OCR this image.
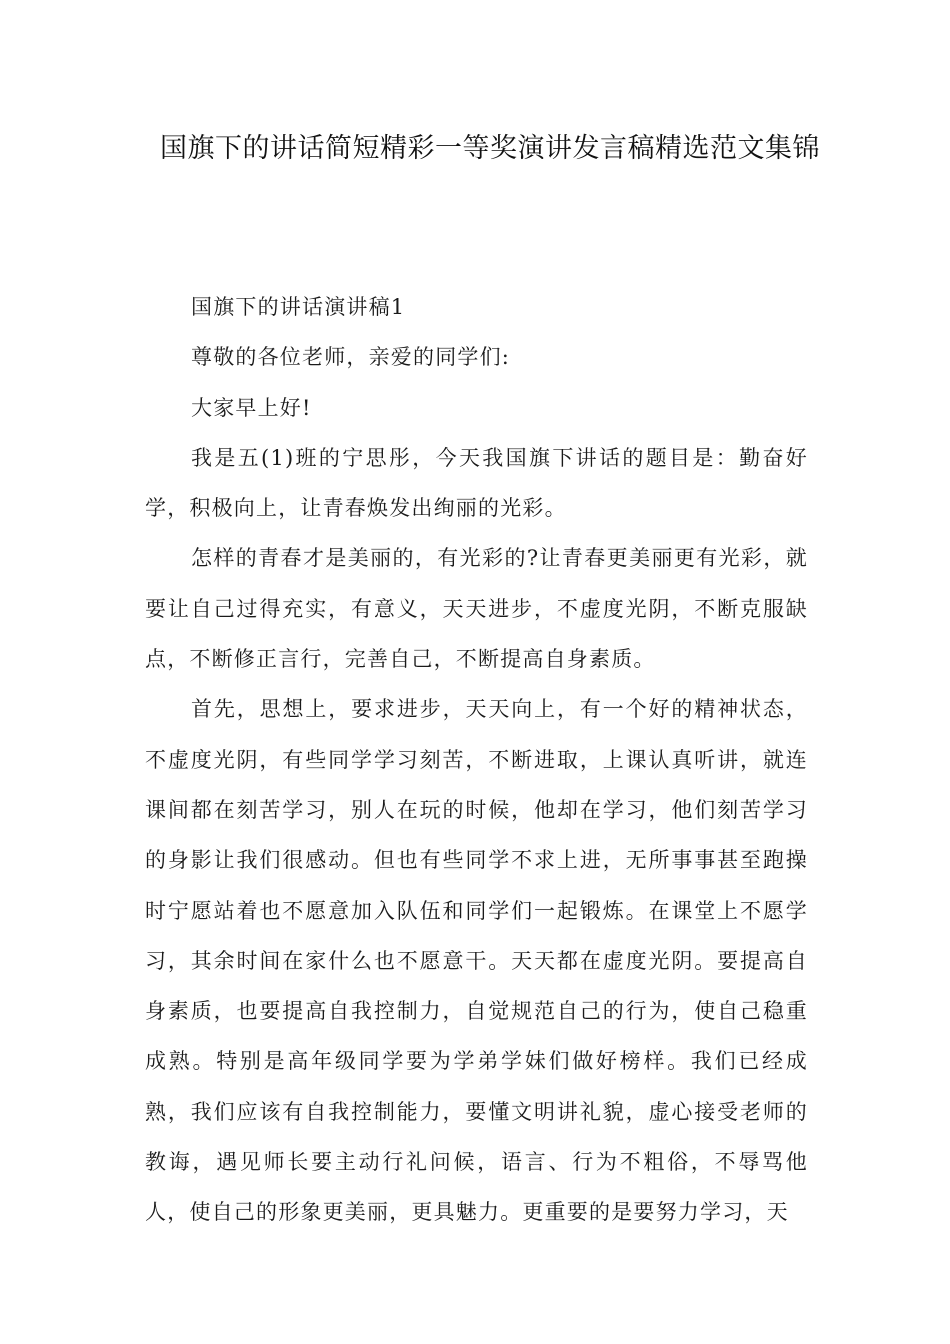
国旗下的讲话简短精彩一等奖演讲发言稿精选范文集锦

国旗下的讲话演讲稿1

尊敬的各位老师，亲爱的同学们:

大家早上好!

我是五(1)班的宁思彤，今天我国旗下讲话的题目是：勤奋好学，积极向上，让青春焕发出绚丽的光彩。

怎样的青春才是美丽的，有光彩的?让青春更美丽更有光彩，就要让自己过得充实，有意义，天天进步，不虚度光阴，不断克服缺点，不断修正言行，完善自己，不断提高自身素质。

首先，思想上，要求进步，天天向上，有一个好的精神状态，不虚度光阴，有些同学学习刻苦，不断进取，上课认真听讲，就连课间都在刻苦学习，别人在玩的时候，他却在学习，他们刻苦学习的身影让我们很感动。但也有些同学不求上进，无所事事甚至跑操时宁愿站着也不愿意加入队伍和同学们一起锻炼。在课堂上不愿学习，其余时间在家什么也不愿意干。天天都在虚度光阴。要提高自身素质，也要提高自我控制力，自觉规范自己的行为，使自己稳重成熟。特别是高年级同学要为学弟学妹们做好榜样。我们已经成熟，我们应该有自我控制能力，要懂文明讲礼貌，虚心接受老师的教诲，遇见师长要主动行礼问候，语言、行为不粗俗，不辱骂他人，使自己的形象更美丽，更具魅力。更重要的是要努力学习，天
